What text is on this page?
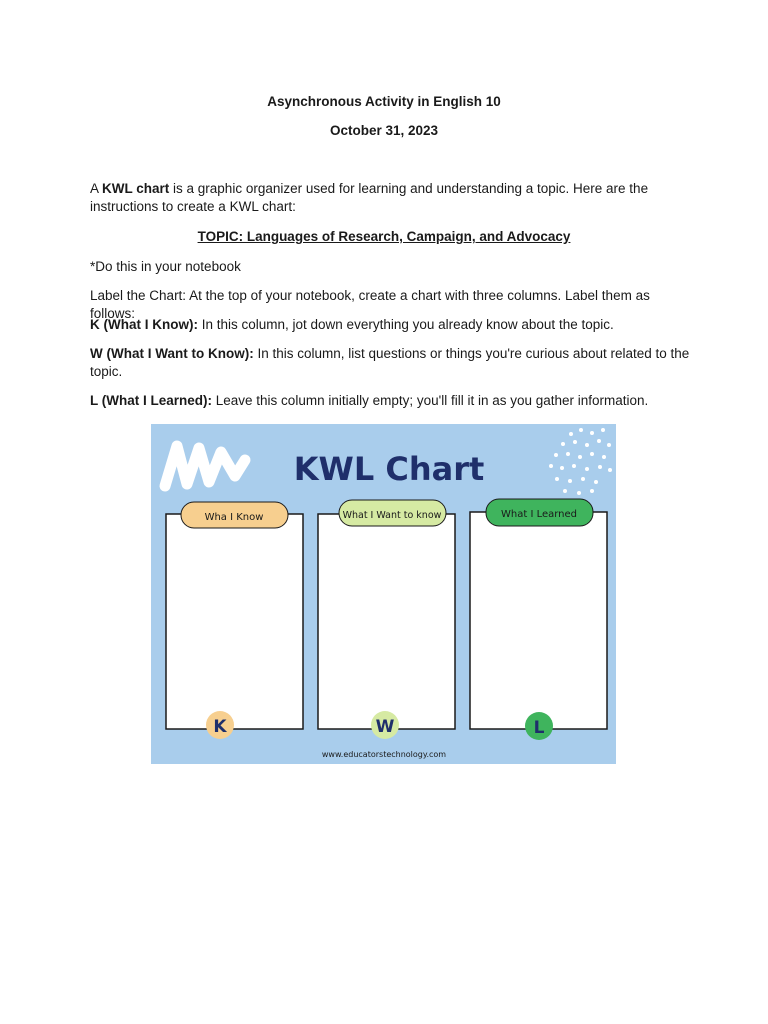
Asynchronous Activity in English 10
October 31, 2023
A KWL chart is a graphic organizer used for learning and understanding a topic. Here are the instructions to create a KWL chart:
TOPIC: Languages of Research, Campaign, and Advocacy
*Do this in your notebook
Label the Chart: At the top of your notebook, create a chart with three columns. Label them as follows:
K (What I Know): In this column, jot down everything you already know about the topic.
W (What I Want to Know): In this column, list questions or things you're curious about related to the topic.
L (What I Learned): Leave this column initially empty; you'll fill it in as you gather information.
KWL Chart
Wha I Know
K
What I Want to know
W
What I Learned
L
www.educatorstechnology.com
